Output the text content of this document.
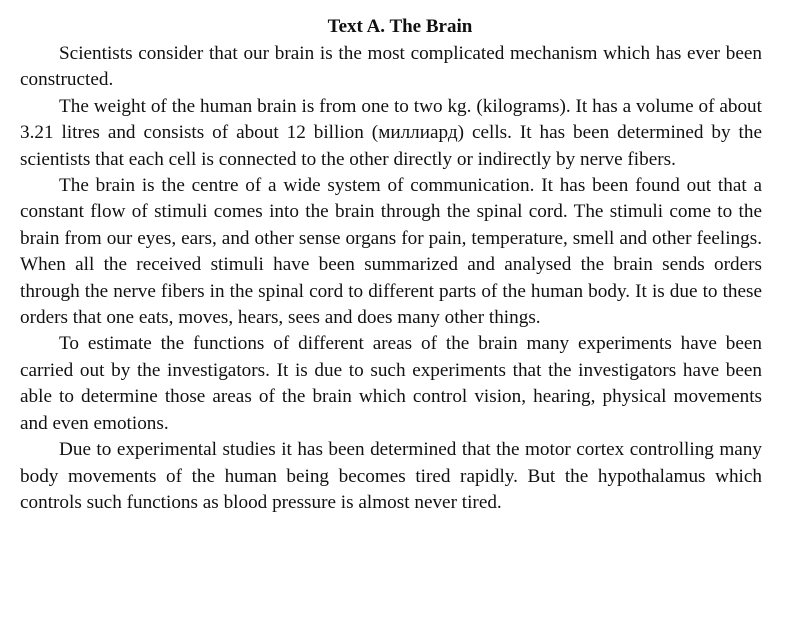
Text A. The Brain

Scientists consider that our brain is the most complicated mechanism which has ever been constructed.

The weight of the human brain is from one to two kg. (kilograms). It has a volume of about 3.21 litres and consists of about 12 billion (миллиард) cells. It has been determined by the scientists that each cell is connected to the other directly or indirectly by nerve fibers.

The brain is the centre of a wide system of communication. It has been found out that a constant flow of stimuli comes into the brain through the spinal cord. The stimuli come to the brain from our eyes, ears, and other sense organs for pain, temperature, smell and other feelings. When all the received stimuli have been summarized and analysed the brain sends orders through the nerve fibers in the spinal cord to different parts of the human body. It is due to these orders that one eats, moves, hears, sees and does many other things.

To estimate the functions of different areas of the brain many experiments have been carried out by the investigators. It is due to such experiments that the investigators have been able to determine those areas of the brain which control vision, hearing, physical movements and even emotions.

Due to experimental studies it has been determined that the motor cortex controlling many body movements of the human being becomes tired rapidly. But the hypothalamus which controls such functions as blood pressure is almost never tired.
